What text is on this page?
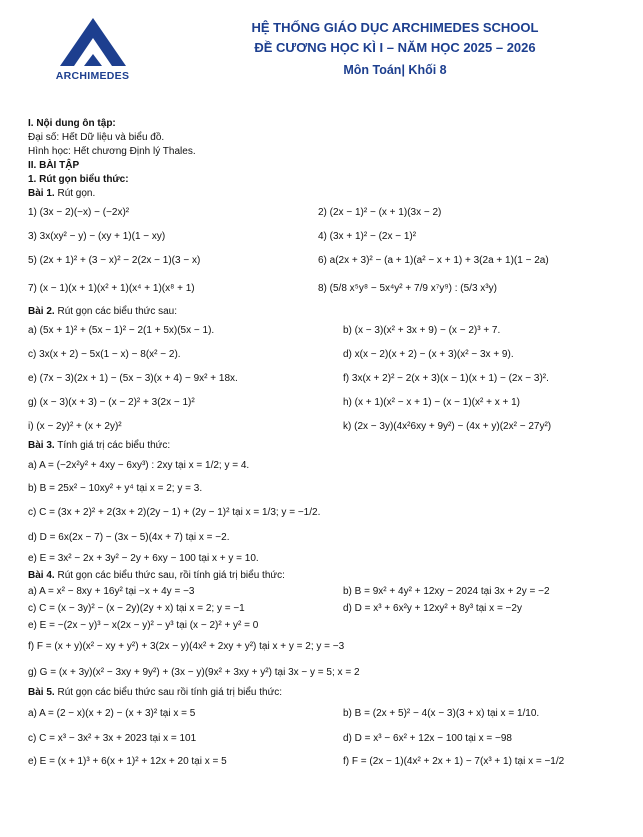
ARCHIMEDES
HỆ THỐNG GIÁO DỤC ARCHIMEDES SCHOOL
ĐỀ CƯƠNG HỌC KÌ I – NĂM HỌC 2025 – 2026
Môn Toán| Khối 8
I. Nội dung ôn tập:
Đại số: Hết Dữ liệu và biểu đồ.
Hình học: Hết chương Định lý Thales.
II. BÀI TẬP
1. Rút gọn biểu thức:
Bài 1. Rút gọn.
1) (3x − 2)(−x) − (−2x)²	2) (2x − 1)² − (x + 1)(3x − 2)
3) 3x(xy² − y) − (xy + 1)(1 − xy)	4) (3x + 1)² − (2x − 1)²
5) (2x + 1)² + (3 − x)² − 2(2x − 1)(3 − x)	6) a(2x + 3)² − (a + 1)(a² − x + 1) + 3(2a + 1)(1 − 2a)
7) (x − 1)(x + 1)(x² + 1)(x⁴ + 1)(x⁸ + 1)	8) (5/8 x⁵y⁸ − 5x⁴y² + 7/9 x⁷y⁹) : (5/3 x³y)
Bài 2. Rút gọn các biểu thức sau:
a) (5x + 1)² + (5x − 1)² − 2(1 + 5x)(5x − 1).	b) (x − 3)(x² + 3x + 9) − (x − 2)³ + 7.
c) 3x(x + 2) − 5x(1 − x) − 8(x² − 2).	d) x(x − 2)(x + 2) − (x + 3)(x² − 3x + 9).
e) (7x − 3)(2x + 1) − (5x − 3)(x + 4) − 9x² + 18x.	f) 3x(x + 2)² − 2(x + 3)(x − 1)(x + 1) − (2x − 3)².
g) (x − 3)(x + 3) − (x − 2)² + 3(2x − 1)²	h) (x + 1)(x² − x + 1) − (x − 1)(x² + x + 1)
i) (x − 2y)² + (x + 2y)²	k) (2x − 3y)(4x²6xy + 9y²) − (4x + y)(2x² − 27y²)
Bài 3. Tính giá trị các biểu thức:
a) A = (−2x²y² + 4xy − 6xy³) : 2xy tại x = 1/2; y = 4.
b) B = 25x² − 10xy² + y⁴ tại x = 2; y = 3.
c) C = (3x + 2)² + 2(3x + 2)(2y − 1) + (2y − 1)² tại x = 1/3; y = −1/2.
d) D = 6x(2x − 7) − (3x − 5)(4x + 7) tại x = −2.
e) E = 3x² − 2x + 3y² − 2y + 6xy − 100 tại x + y = 10.
Bài 4. Rút gọn các biểu thức sau, rồi tính giá trị biểu thức:
a) A = x² − 8xy + 16y² tại −x + 4y = −3	b) B = 9x² + 4y² + 12xy − 2024 tại 3x + 2y = −2
c) C = (x − 3y)² − (x − 2y)(2y + x) tại x = 2; y = −1	d) D = x³ + 6x²y + 12xy² + 8y³ tại x = −2y
e) E = −(2x − y)³ − x(2x − y)² − y³ tại (x − 2)² + y² = 0
f) F = (x + y)(x² − xy + y²) + 3(2x − y)(4x² + 2xy + y²) tại x + y = 2; y = −3
g) G = (x + 3y)(x² − 3xy + 9y²) + (3x − y)(9x² + 3xy + y²) tại 3x − y = 5; x = 2
Bài 5. Rút gọn các biểu thức sau rồi tính giá trị biểu thức:
a) A = (2 − x)(x + 2) − (x + 3)² tại x = 5	b) B = (2x + 5)² − 4(x − 3)(3 + x) tại x = 1/10.
c) C = x³ − 3x² + 3x + 2023 tại x = 101	d) D = x³ − 6x² + 12x − 100 tại x = −98
e) E = (x + 1)³ + 6(x + 1)² + 12x + 20 tại x = 5	f) F = (2x − 1)(4x² + 2x + 1) − 7(x³ + 1) tại x = −1/2
